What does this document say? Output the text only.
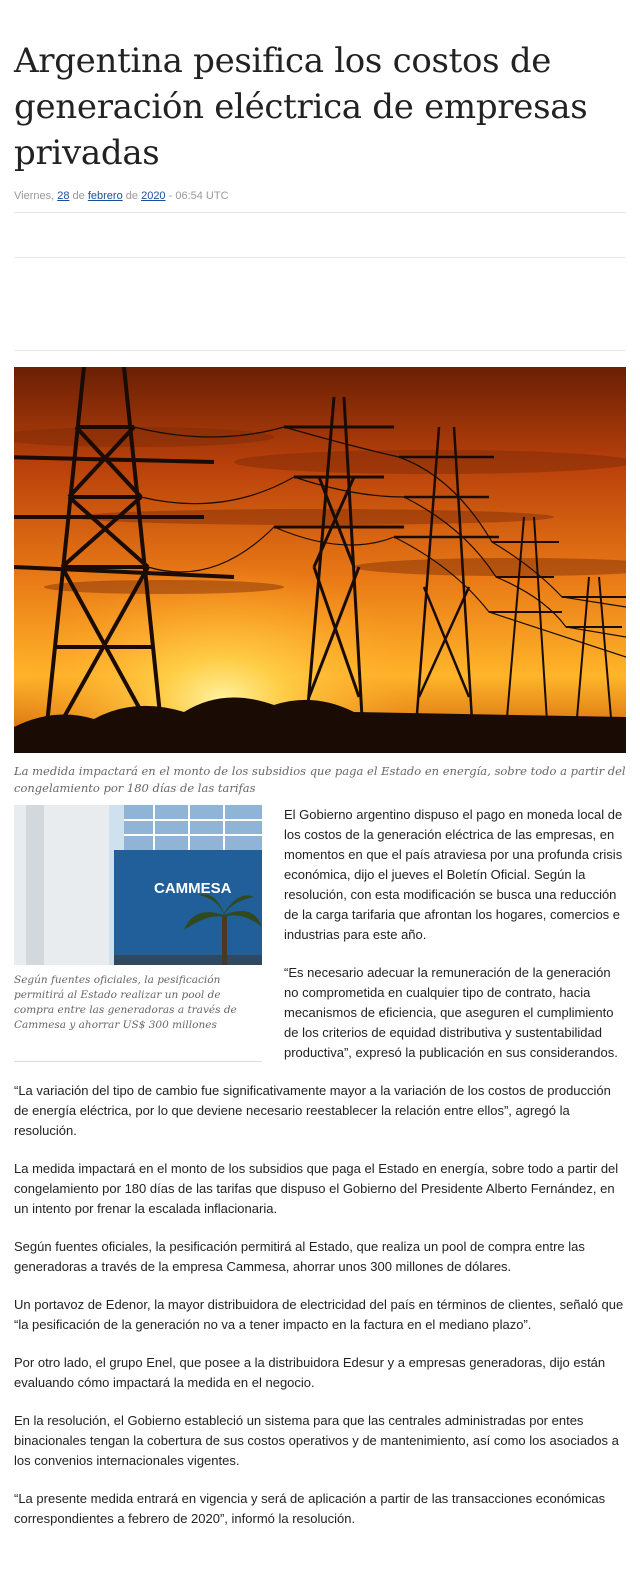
Argentina pesifica los costos de generación eléctrica de empresas privadas
Viernes, 28 de febrero de 2020 - 06:54 UTC

La medida impactará en el monto de los subsidios que paga el Estado en energía, sobre todo a partir del congelamiento por 180 días de las tarifas

CAMMESA

Según fuentes oficiales, la pesificación permitirá al Estado realizar un pool de compra entre las generadoras a través de Cammesa y ahorrar US$ 300 millones

El Gobierno argentino dispuso el pago en moneda local de los costos de la generación eléctrica de las empresas, en momentos en que el país atraviesa por una profunda crisis económica, dijo el jueves el Boletín Oficial. Según la resolución, con esta modificación se busca una reducción de la carga tarifaria que afrontan los hogares, comercios e industrias para este año.

“Es necesario adecuar la remuneración de la generación no comprometida en cualquier tipo de contrato, hacia mecanismos de eficiencia, que aseguren el cumplimiento de los criterios de equidad distributiva y sustentabilidad productiva”, expresó la publicación en sus considerandos.

“La variación del tipo de cambio fue significativamente mayor a la variación de los costos de producción de energía eléctrica, por lo que deviene necesario reestablecer la relación entre ellos”, agregó la resolución.

La medida impactará en el monto de los subsidios que paga el Estado en energía, sobre todo a partir del congelamiento por 180 días de las tarifas que dispuso el Gobierno del Presidente Alberto Fernández, en un intento por frenar la escalada inflacionaria.

Según fuentes oficiales, la pesificación permitirá al Estado, que realiza un pool de compra entre las generadoras a través de la empresa Cammesa, ahorrar unos 300 millones de dólares.

Un portavoz de Edenor, la mayor distribuidora de electricidad del país en términos de clientes, señaló que “la pesificación de la generación no va a tener impacto en la factura en el mediano plazo”.

Por otro lado, el grupo Enel, que posee a la distribuidora Edesur y a empresas generadoras, dijo están evaluando cómo impactará la medida en el negocio.

En la resolución, el Gobierno estableció un sistema para que las centrales administradas por entes binacionales tengan la cobertura de sus costos operativos y de mantenimiento, así como los asociados a los convenios internacionales vigentes.

“La presente medida entrará en vigencia y será de aplicación a partir de las transacciones económicas correspondientes a febrero de 2020”, informó la resolución.
